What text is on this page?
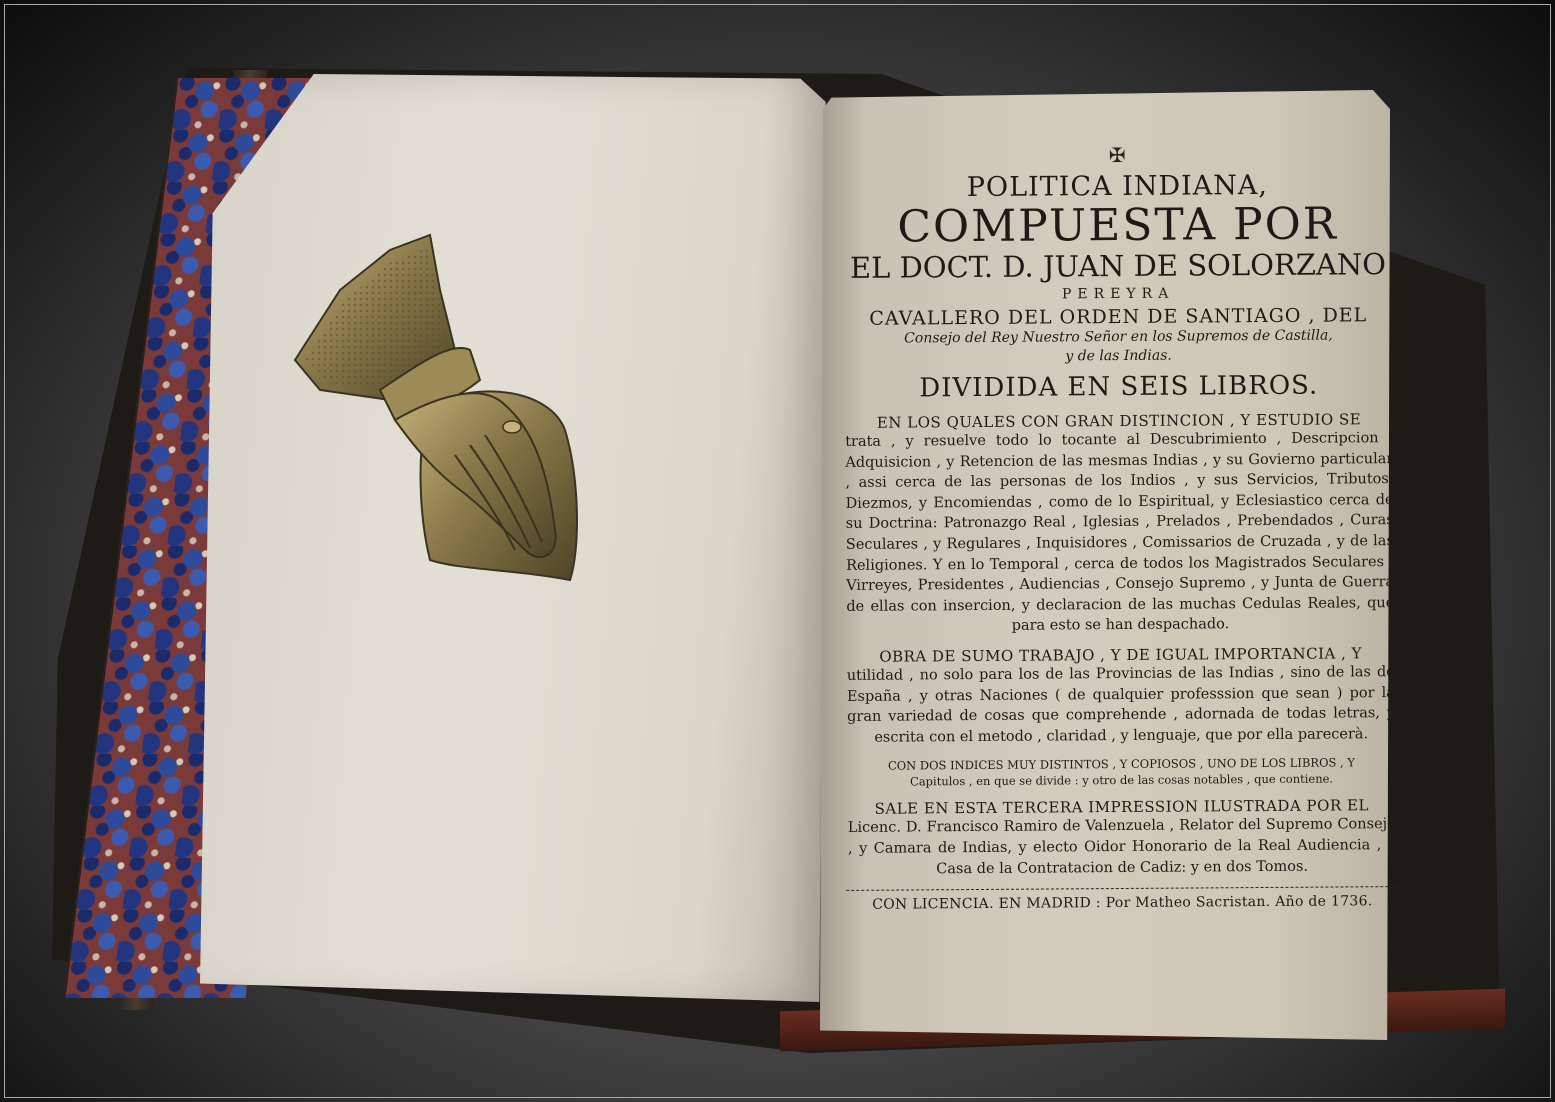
✠
POLITICA INDIANA,
COMPUESTA POR
EL DOCT. D. JUAN DE SOLORZANO
PEREYRA
CAVALLERO DEL ORDEN DE SANTIAGO , DEL
Consejo del Rey Nuestro Señor en los Supremos de Castilla,
y de las Indias.
DIVIDIDA EN SEIS LIBROS.
EN LOS QUALES CON GRAN DISTINCION , Y ESTUDIO SE
trata , y resuelve todo lo tocante al Descubrimiento , Descripcion , Adquisicion , y Retencion de las mesmas Indias , y su Govierno particular , assi cerca de las personas de los Indios , y sus Servicios, Tributos, Diezmos, y Encomiendas , como de lo Espiritual, y Eclesiastico cerca de su Doctrina: Patronazgo Real , Iglesias , Prelados , Prebendados , Curas Seculares , y Regulares , Inquisidores , Comissarios de Cruzada , y de las Religiones. Y en lo Temporal , cerca de todos los Magistrados Seculares , Virreyes, Presidentes , Audiencias , Consejo Supremo , y Junta de Guerra de ellas con insercion, y declaracion de las muchas Cedulas Reales, que para esto se han despachado.
OBRA DE SUMO TRABAJO , Y DE IGUAL IMPORTANCIA , Y
utilidad , no solo para los de las Provincias de las Indias , sino de las de España , y otras Naciones ( de qualquier professsion que sean ) por la gran variedad de cosas que comprehende , adornada de todas letras, y escrita con el metodo , claridad , y lenguaje, que por ella parecerà.
CON DOS INDICES MUY DISTINTOS , Y COPIOSOS , UNO DE LOS LIBROS , Y
Capitulos , en que se divide : y otro de las cosas notables , que contiene.
SALE EN ESTA TERCERA IMPRESSION ILUSTRADA POR EL
Licenc. D. Francisco Ramiro de Valenzuela , Relator del Supremo Consejo , y Camara de Indias, y electo Oidor Honorario de la Real Audiencia , y Casa de la Contratacion de Cadiz: y en dos Tomos.
CON LICENCIA. EN MADRID : Por Matheo Sacristan. Año de 1736.
